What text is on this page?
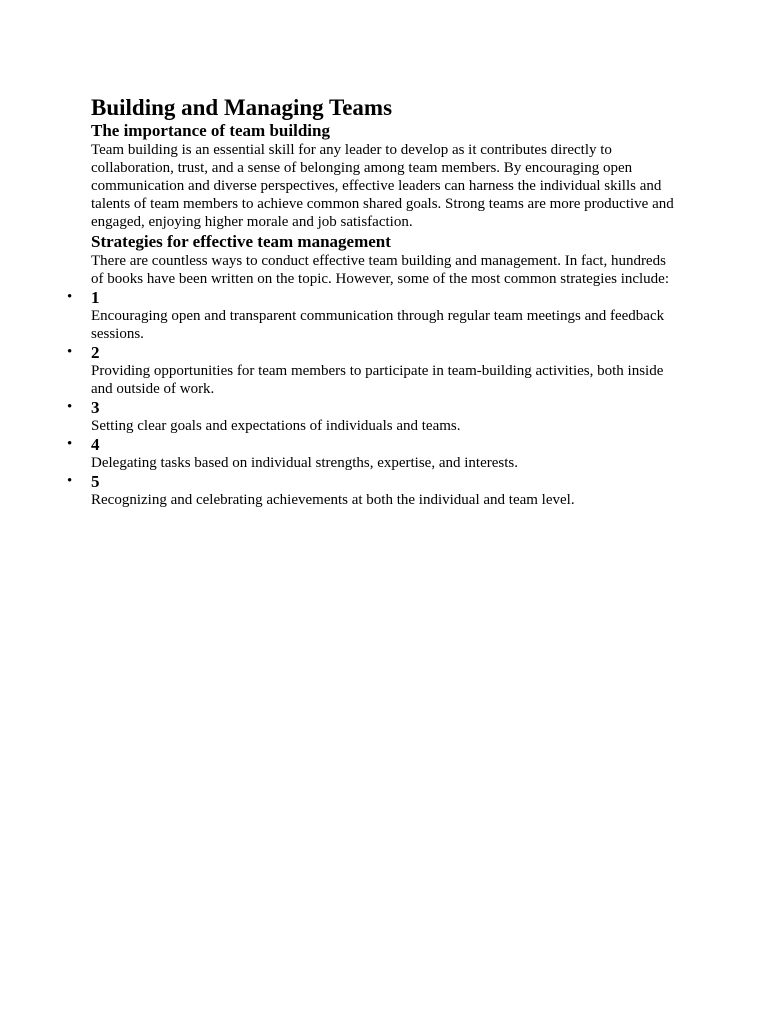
Building and Managing Teams
The importance of team building

Team building is an essential skill for any leader to develop as it contributes directly to collaboration, trust, and a sense of belonging among team members. By encouraging open communication and diverse perspectives, effective leaders can harness the individual skills and talents of team members to achieve common shared goals. Strong teams are more productive and engaged, enjoying higher morale and job satisfaction.

Strategies for effective team management

There are countless ways to conduct effective team building and management. In fact, hundreds of books have been written on the topic. However, some of the most common strategies include:

• 1
Encouraging open and transparent communication through regular team meetings and feedback sessions.
• 2
Providing opportunities for team members to participate in team-building activities, both inside and outside of work.
• 3
Setting clear goals and expectations of individuals and teams.
• 4
Delegating tasks based on individual strengths, expertise, and interests.
• 5
Recognizing and celebrating achievements at both the individual and team level.
